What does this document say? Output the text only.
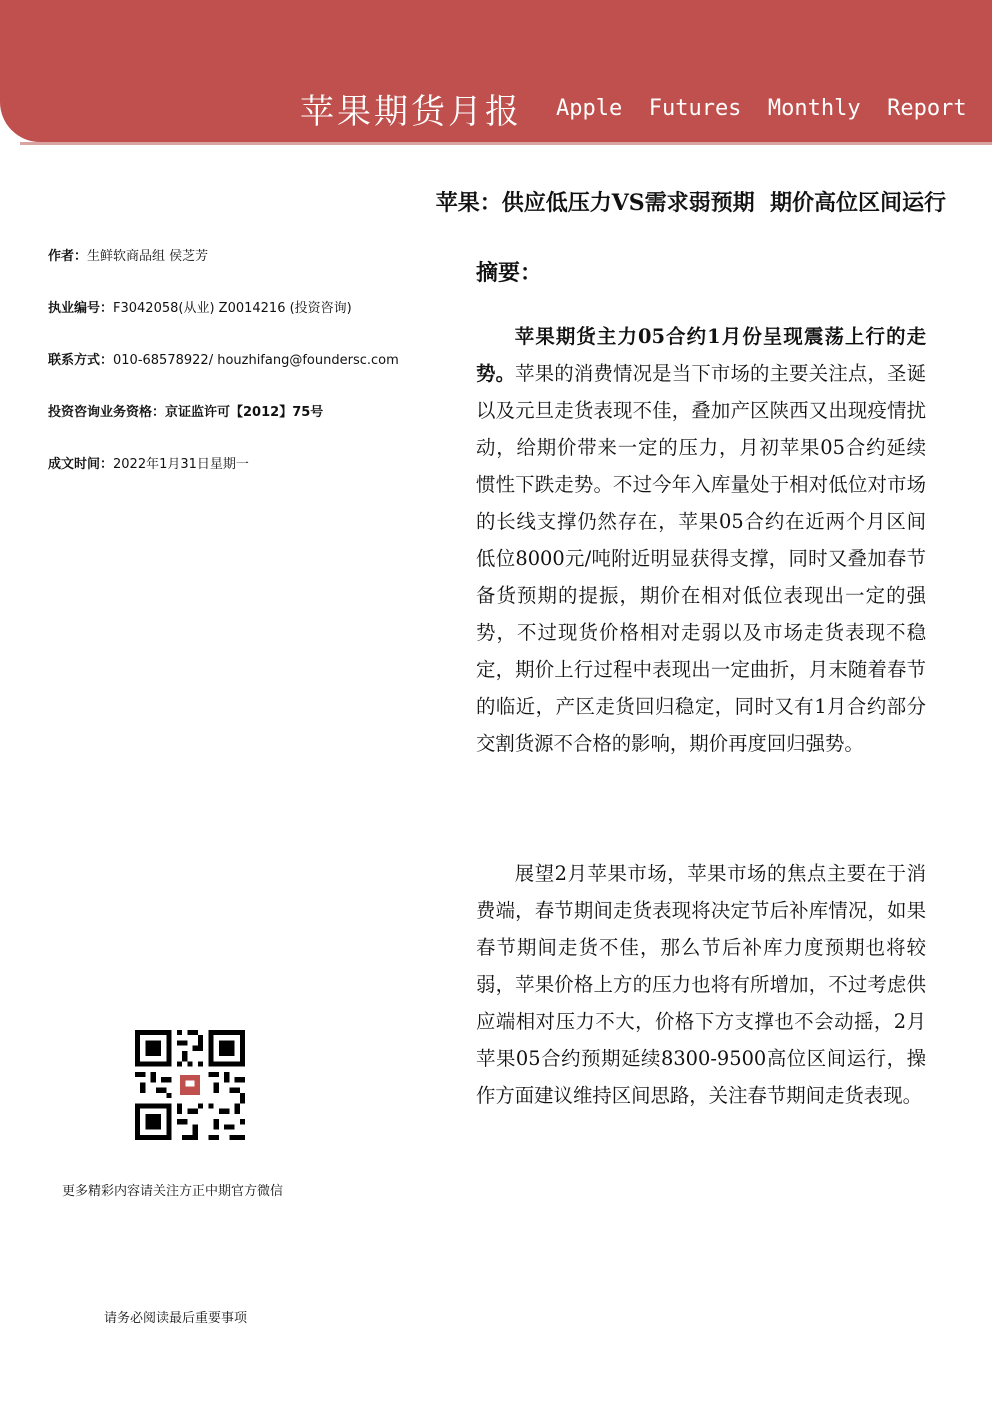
苹果期货月报 Apple  Futures  Monthly  Report
苹果：供应低压力VS需求弱预期  期价高位区间运行
作者：生鲜软商品组 侯芝芳
执业编号：F3042058(从业) Z0014216 (投资咨询)
联系方式：010-68578922/ houzhifang@foundersc.com
投资咨询业务资格：京证监许可【2012】75号
成文时间：2022年1月31日星期一
摘要：

苹果期货主力05合约1月份呈现震荡上行的走势。苹果的消费情况是当下市场的主要关注点，圣诞以及元旦走货表现不佳，叠加产区陕西又出现疫情扰动，给期价带来一定的压力，月初苹果05合约延续惯性下跌走势。不过今年入库量处于相对低位对市场的长线支撑仍然存在，苹果05合约在近两个月区间低位8000元/吨附近明显获得支撑，同时又叠加春节备货预期的提振，期价在相对低位表现出一定的强势，不过现货价格相对走弱以及市场走货表现不稳定，期价上行过程中表现出一定曲折，月末随着春节的临近，产区走货回归稳定，同时又有1月合约部分交割货源不合格的影响，期价再度回归强势。

展望2月苹果市场，苹果市场的焦点主要在于消费端，春节期间走货表现将决定节后补库情况，如果春节期间走货不佳，那么节后补库力度预期也将较弱，苹果价格上方的压力也将有所增加，不过考虑供应端相对压力不大，价格下方支撑也不会动摇，2月苹果05合约预期延续8300-9500高位区间运行，操作方面建议维持区间思路，关注春节期间走货表现。

更多精彩内容请关注方正中期官方微信
请务必阅读最后重要事项
